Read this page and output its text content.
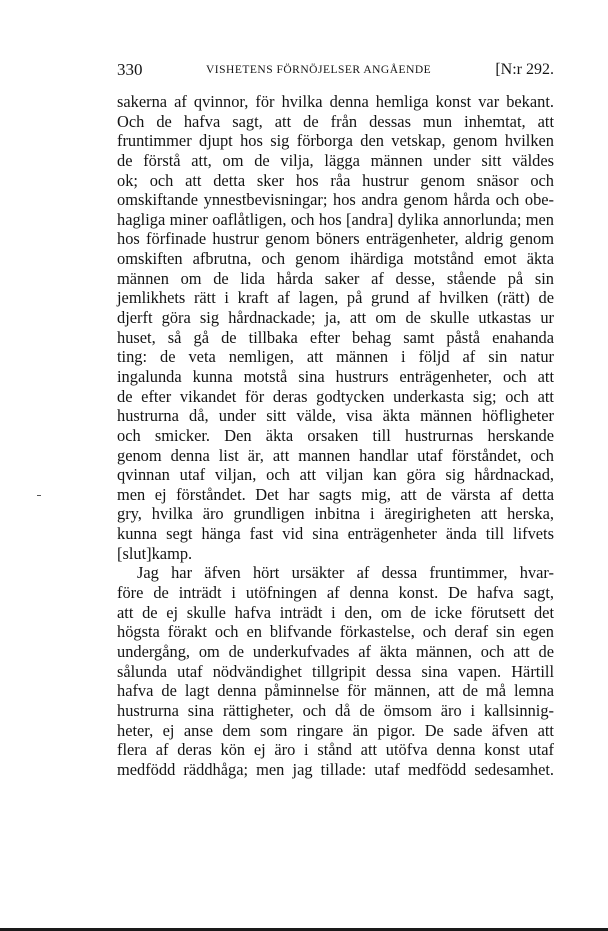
330	VISHETENS FÖRNÖJELSER ANGÅENDE	[N:r 292.
sakerna af qvinnor, för hvilka denna hemliga konst var bekant.
Och de hafva sagt, att de från dessas mun inhemtat, att
fruntimmer djupt hos sig förborga den vetskap, genom hvilken
de förstå att, om de vilja, lägga männen under sitt väldes
ok; och att detta sker hos råa hustrur genom snäsor och
omskiftande ynnestbevisningar; hos andra genom hårda och obe-
hagliga miner oaflåtligen, och hos [andra] dylika annorlunda; men
hos förfinade hustrur genom böners enträgenheter, aldrig genom
omskiften afbrutna, och genom ihärdiga motstånd emot äkta
männen om de lida hårda saker af desse, stående på sin
jemlikhets rätt i kraft af lagen, på grund af hvilken (rätt) de
djerft göra sig hårdnackade; ja, att om de skulle utkastas ur
huset, så gå de tillbaka efter behag samt påstå enahanda
ting: de veta nemligen, att männen i följd af sin natur
ingalunda kunna motstå sina hustrurs enträgenheter, och att
de efter vikandet för deras godtycken underkasta sig; och att
hustrurna då, under sitt välde, visa äkta männen höfligheter
och smicker. Den äkta orsaken till hustrurnas herskande
genom denna list är, att mannen handlar utaf förståndet, och
qvinnan utaf viljan, och att viljan kan göra sig hårdnackad,
men ej förståndet. Det har sagts mig, att de värsta af detta
gry, hvilka äro grundligen inbitna i äregirigheten att herska,
kunna segt hänga fast vid sina enträgenheter ända till lifvets
[slut]kamp.
Jag har äfven hört ursäkter af dessa fruntimmer, hvar-
före de inträdt i utöfningen af denna konst. De hafva sagt,
att de ej skulle hafva inträdt i den, om de icke förutsett det
högsta förakt och en blifvande förkastelse, och deraf sin egen
undergång, om de underkufvades af äkta männen, och att de
sålunda utaf nödvändighet tillgripit dessa sina vapen. Härtill
hafva de lagt denna påminnelse för männen, att de må lemna
hustrurna sina rättigheter, och då de ömsom äro i kallsinnig-
heter, ej anse dem som ringare än pigor. De sade äfven att
flera af deras kön ej äro i stånd att utöfva denna konst utaf
medfödd räddhåga; men jag tillade: utaf medfödd sedesamhet.
